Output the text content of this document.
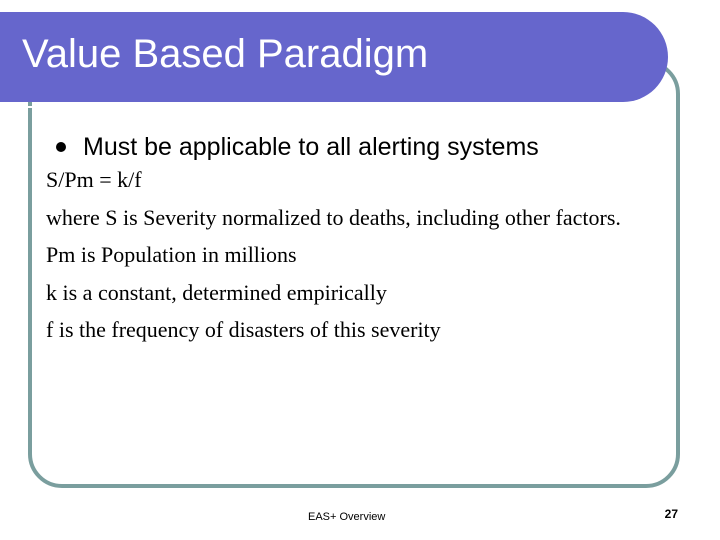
Value Based Paradigm
Must be applicable to all alerting systems
S/Pm = k/f
where S is Severity normalized to deaths, including other factors.
Pm is Population in millions
k is a constant, determined empirically
f is the frequency of disasters of this severity
EAS+ Overview	27
